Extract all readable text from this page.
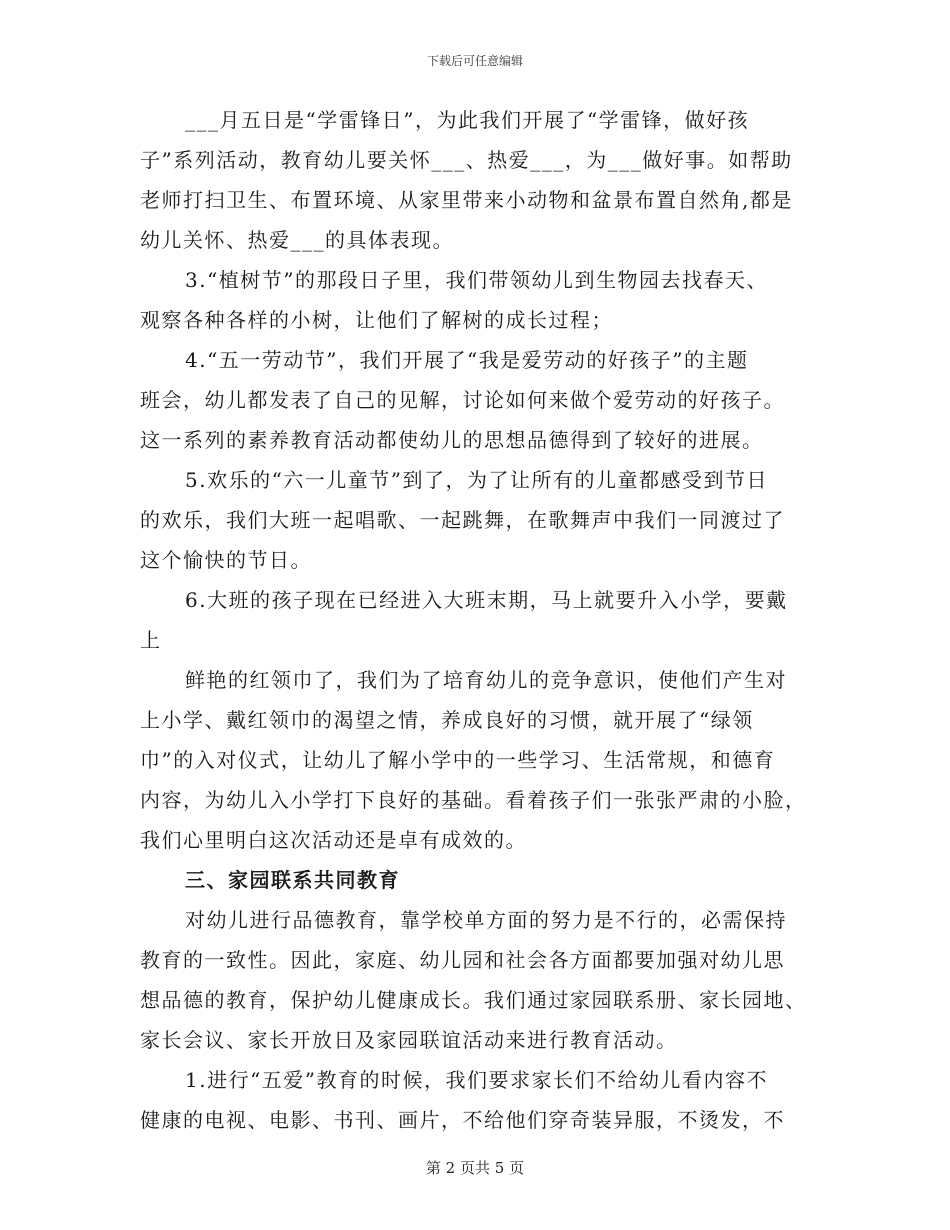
下载后可任意编辑
___月五日是“学雷锋日”，为此我们开展了“学雷锋，做好孩
子”系列活动，教育幼儿要关怀___、热爱___，为___做好事。如帮助
老师打扫卫生、布置环境、从家里带来小动物和盆景布置自然角,都是
幼儿关怀、热爱___的具体表现。
3.“植树节”的那段日子里，我们带领幼儿到生物园去找春天、
观察各种各样的小树，让他们了解树的成长过程；
4.“五一劳动节”，我们开展了“我是爱劳动的好孩子”的主题
班会，幼儿都发表了自己的见解，讨论如何来做个爱劳动的好孩子。
这一系列的素养教育活动都使幼儿的思想品德得到了较好的进展。
5.欢乐的“六一儿童节”到了，为了让所有的儿童都感受到节日
的欢乐，我们大班一起唱歌、一起跳舞，在歌舞声中我们一同渡过了
这个愉快的节日。
6.大班的孩子现在已经进入大班末期，马上就要升入小学，要戴
上
鲜艳的红领巾了，我们为了培育幼儿的竞争意识，使他们产生对
上小学、戴红领巾的渴望之情，养成良好的习惯，就开展了“绿领
巾”的入对仪式，让幼儿了解小学中的一些学习、生活常规，和德育
内容，为幼儿入小学打下良好的基础。看着孩子们一张张严肃的小脸，
我们心里明白这次活动还是卓有成效的。
三、家园联系共同教育
对幼儿进行品德教育，靠学校单方面的努力是不行的，必需保持
教育的一致性。因此，家庭、幼儿园和社会各方面都要加强对幼儿思
想品德的教育，保护幼儿健康成长。我们通过家园联系册、家长园地、
家长会议、家长开放日及家园联谊活动来进行教育活动。
1.进行“五爱”教育的时候，我们要求家长们不给幼儿看内容不
健康的电视、电影、书刊、画片，不给他们穿奇装异服，不烫发，不
第 2 页共 5 页
